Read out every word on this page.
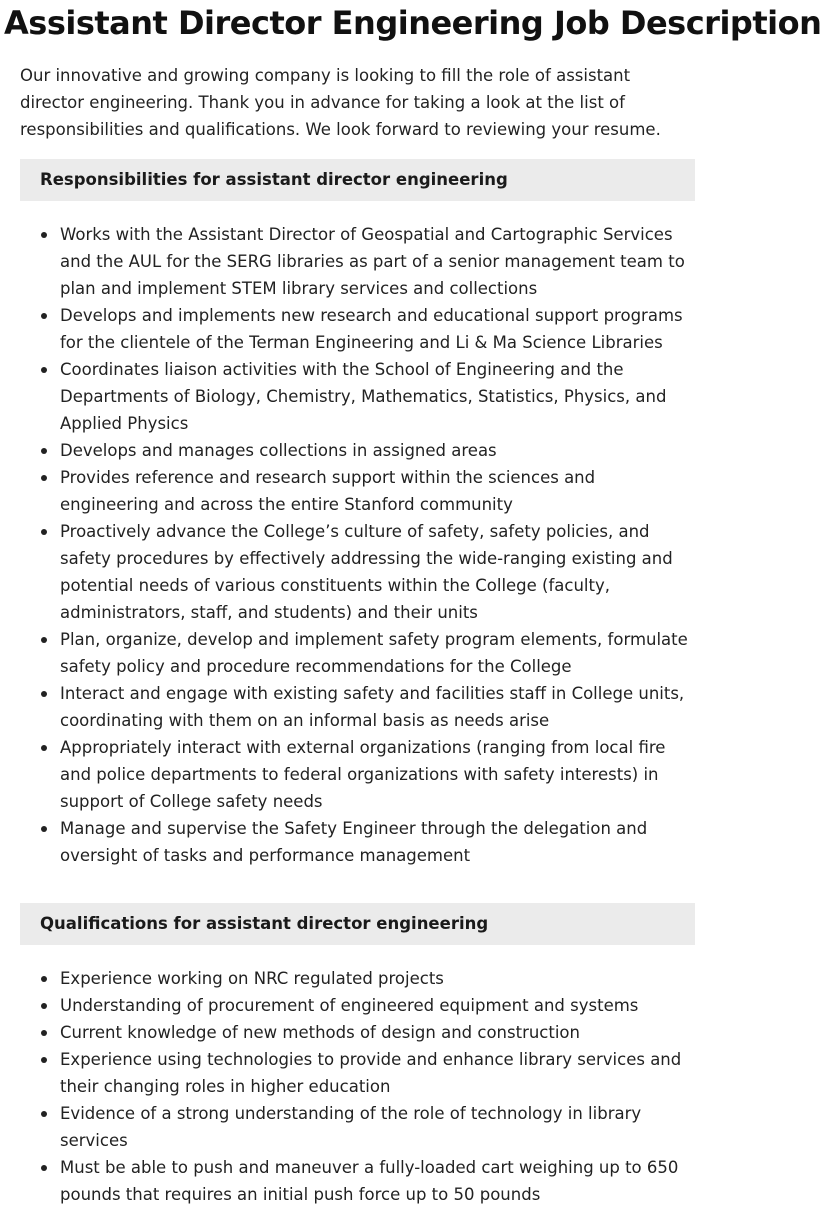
Assistant Director Engineering Job Description

Our innovative and growing company is looking to fill the role of assistant director engineering. Thank you in advance for taking a look at the list of responsibilities and qualifications. We look forward to reviewing your resume.

Responsibilities for assistant director engineering
Works with the Assistant Director of Geospatial and Cartographic Services and the AUL for the SERG libraries as part of a senior management team to plan and implement STEM library services and collections
Develops and implements new research and educational support programs for the clientele of the Terman Engineering and Li & Ma Science Libraries
Coordinates liaison activities with the School of Engineering and the Departments of Biology, Chemistry, Mathematics, Statistics, Physics, and Applied Physics
Develops and manages collections in assigned areas
Provides reference and research support within the sciences and engineering and across the entire Stanford community
Proactively advance the College’s culture of safety, safety policies, and safety procedures by effectively addressing the wide-ranging existing and potential needs of various constituents within the College (faculty, administrators, staff, and students) and their units
Plan, organize, develop and implement safety program elements, formulate safety policy and procedure recommendations for the College
Interact and engage with existing safety and facilities staff in College units, coordinating with them on an informal basis as needs arise
Appropriately interact with external organizations (ranging from local fire and police departments to federal organizations with safety interests) in support of College safety needs
Manage and supervise the Safety Engineer through the delegation and oversight of tasks and performance management
Qualifications for assistant director engineering
Experience working on NRC regulated projects
Understanding of procurement of engineered equipment and systems
Current knowledge of new methods of design and construction
Experience using technologies to provide and enhance library services and their changing roles in higher education
Evidence of a strong understanding of the role of technology in library services
Must be able to push and maneuver a fully-loaded cart weighing up to 650 pounds that requires an initial push force up to 50 pounds
